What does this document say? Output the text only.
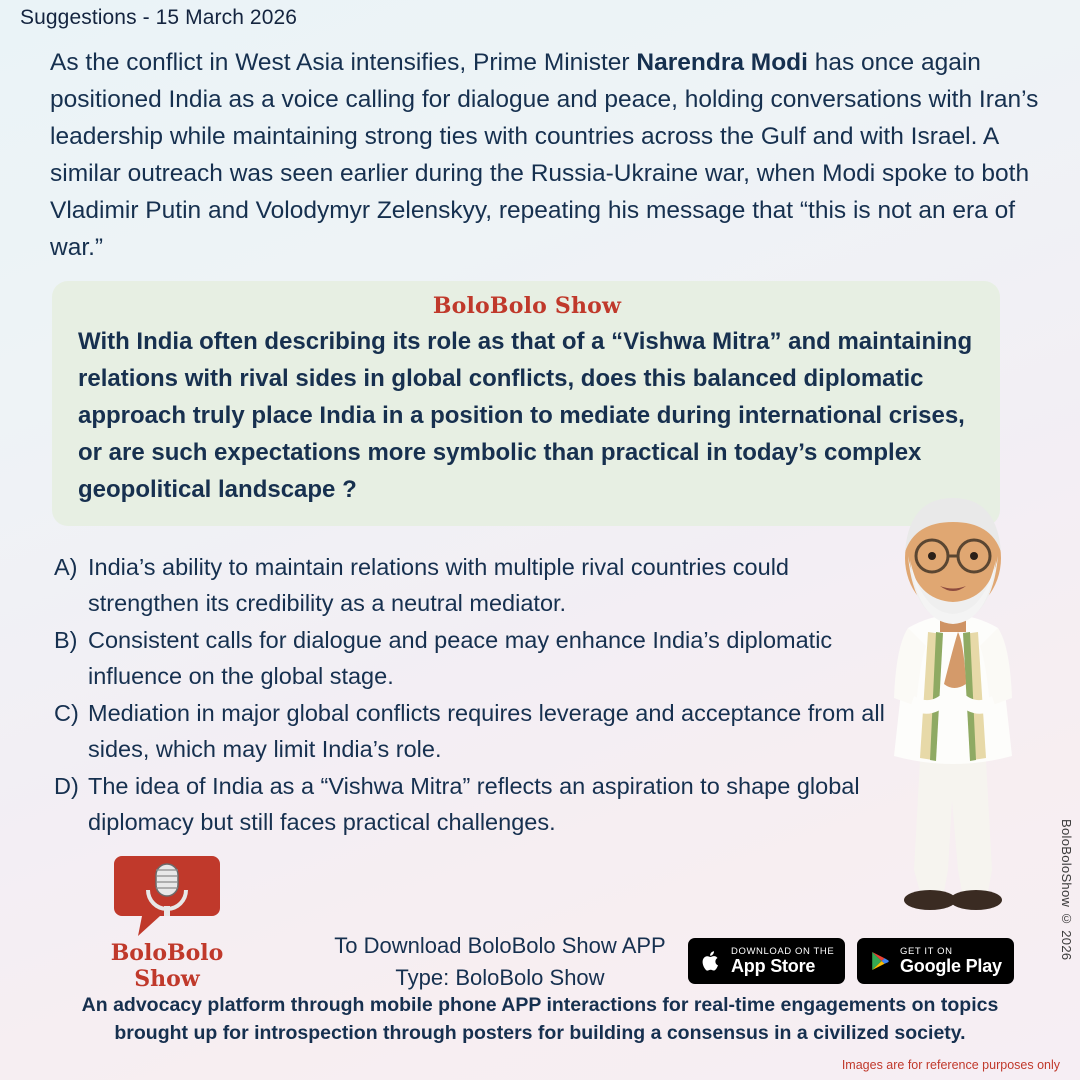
Suggestions - 15 March 2026
As the conflict in West Asia intensifies, Prime Minister Narendra Modi has once again positioned India as a voice calling for dialogue and peace, holding conversations with Iran’s leadership while maintaining strong ties with countries across the Gulf and with Israel. A similar outreach was seen earlier during the Russia-Ukraine war, when Modi spoke to both Vladimir Putin and Volodymyr Zelenskyy, repeating his message that “this is not an era of war.”
BoloBolo Show
With India often describing its role as that of a “Vishwa Mitra” and maintaining relations with rival sides in global conflicts, does this balanced diplomatic approach truly place India in a position to mediate during international crises, or are such expectations more symbolic than practical in today’s complex geopolitical landscape ?
A) India’s ability to maintain relations with multiple rival countries could strengthen its credibility as a neutral mediator.
B) Consistent calls for dialogue and peace may enhance India’s diplomatic influence on the global stage.
C) Mediation in major global conflicts requires leverage and acceptance from all sides, which may limit India’s role.
D) The idea of India as a “Vishwa Mitra” reflects an aspiration to shape global diplomacy but still faces practical challenges.
BoloBolo Show
To Download BoloBolo Show APP
Type: BoloBolo Show
DOWNLOAD ON THE
App Store
GET IT ON
Google Play
An advocacy platform through mobile phone APP interactions for real-time engagements on topics
brought up for introspection through posters for building a consensus in a civilized society.
Images are for reference purposes only
BoloBoloShow © 2026
